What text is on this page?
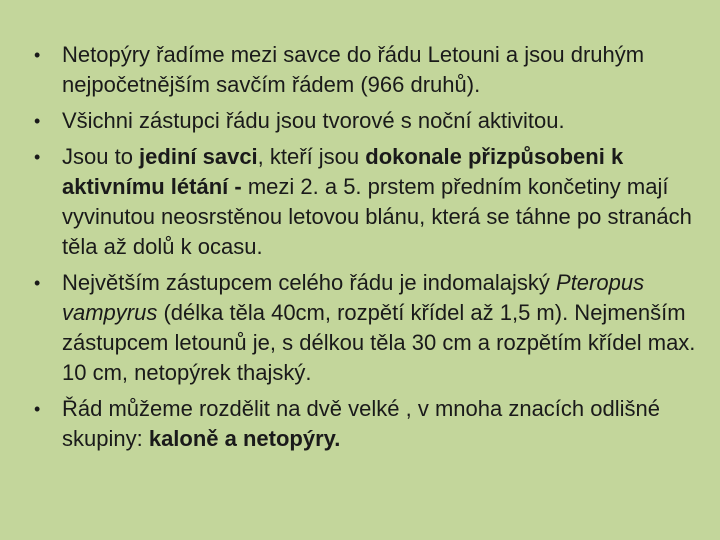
• Netopýry řadíme mezi savce do řádu Letouni a jsou druhým nejpočetnějším savčím řádem (966 druhů).
• Všichni zástupci řádu jsou tvorové s noční aktivitou.
• Jsou to jediní savci, kteří jsou dokonale přizpůsobeni k aktivnímu létání - mezi 2. a 5. prstem předním končetiny mají vyvinutou neosrstěnou letovou blánu, která se táhne po stranách těla až dolů k ocasu.
• Největším zástupcem celého řádu je indomalajský Pteropus vampyrus (délka těla 40cm, rozpětí křídel až 1,5 m). Nejmenším zástupcem letounů je, s délkou těla 30 cm a rozpětím křídel max. 10 cm, netopýrek thajský.
• Řád můžeme rozdělit na dvě velké , v mnoha znacích odlišné skupiny: kaloně a netopýry.
